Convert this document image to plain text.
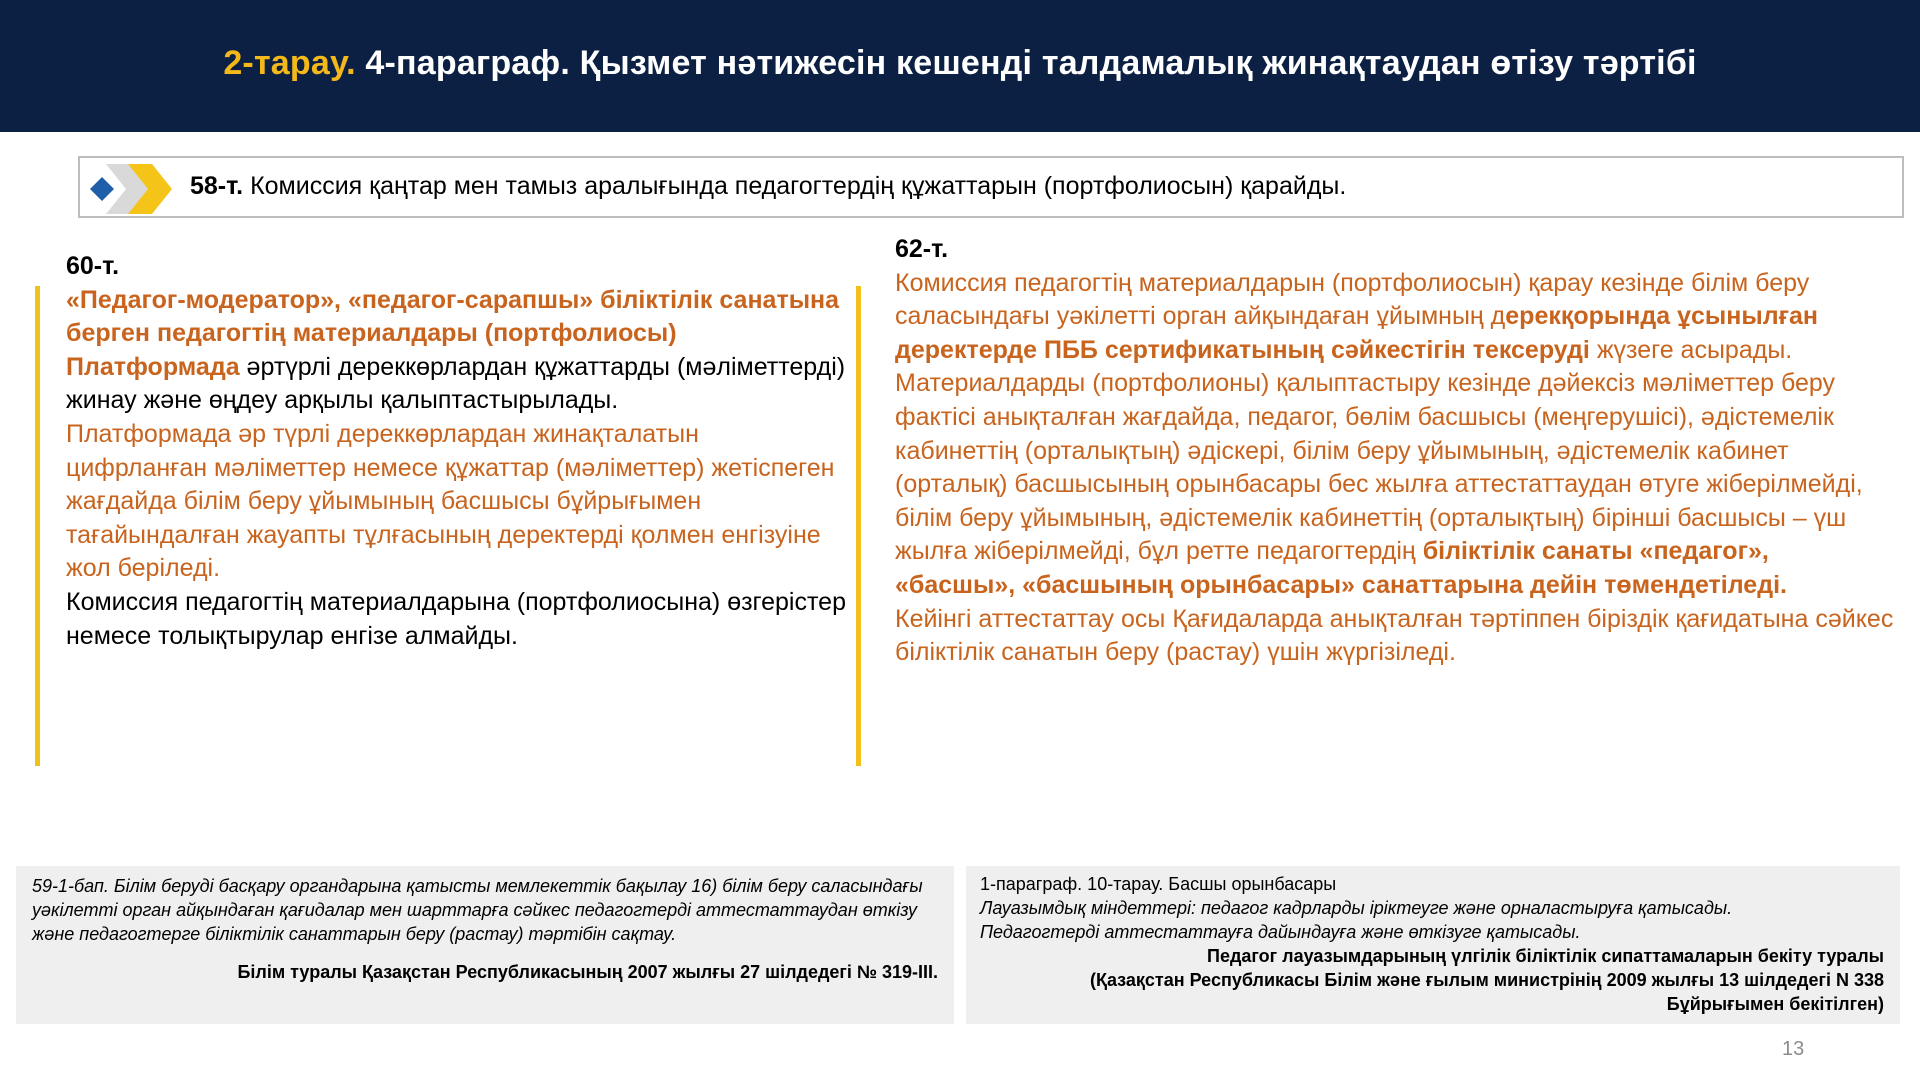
2-тарау. 4-параграф. Қызмет нәтижесін кешенді талдамалық жинақтаудан өтізу тәртібі
58-т. Комиссия қаңтар мен тамыз аралығында педагогтердің құжаттарын (портфолиосын) қарайды.

60-т.

«Педагог-модератор», «педагог-сарапшы» біліктілік санатына берген педагогтің материалдары (портфолиосы) Платформада әртүрлі дереккөрлардан құжаттарды (мәліметтерді) жинау және өңдеу арқылы қалыптастырылады.

Платформада әр түрлі дереккөрлардан жинақталатын цифрланған мәліметтер немесе құжаттар (мәліметтер) жетіспеген жағдайда білім беру ұйымының басшысы бұйрығымен тағайындалған жауапты тұлғасының деректерді қолмен енгізуіне жол беріледі.

Комиссия педагогтің материалдарына (портфолиосына) өзгерістер немесе толықтырулар енгізе алмайды.

62-т.

Комиссия педагогтің материалдарын (портфолиосын) қарау кезінде білім беру саласындағы уәкілетті орган айқындаған ұйымның дерекқорында ұсынылған деректерде ПББ сертификатының сәйкестігін тексеруді жүзеге асырады.

Материалдарды (портфолионы) қалыптастыру кезінде дәйексіз мәліметтер беру фактісі анықталған жағдайда, педагог, бөлім басшысы (меңгерушісі), әдістемелік кабинеттің (орталықтың) әдіскері, білім беру ұйымының, әдістемелік кабинет (орталық) басшысының орынбасары бес жылға аттестаттаудан өтуге жіберілмейді, білім беру ұйымының, әдістемелік кабинеттің (орталықтың) бірінші басшысы – үш жылға жіберілмейді, бұл ретте педагогтердің біліктілік санаты «педагог», «басшы», «басшының орынбасары» санаттарына дейін төмендетіледі.

Кейінгі аттестаттау осы Қағидаларда анықталған тәртіппен біріздік қағидатына сәйкес біліктілік санатын беру (растау) үшін жүргізіледі.

59-1-бап. Білім беруді басқару органдарына қатысты мемлекеттік бақылау 16) білім беру саласындағы уәкілетті орган айқындаған қағидалар мен шарттарға сәйкес педагогтерді аттестаттаудан өткізу және педагогтерге біліктілік санаттарын беру (растау) тәртібін сақтау.
Білім туралы Қазақстан Республикасының 2007 жылғы 27 шілдедегі № 319-ІІІ.
1-параграф. 10-тарау. Басшы орынбасары
Лауазымдық міндеттері: педагог кадрларды іріктеуге және орналастыруға қатысады.
Педагогтерді аттестаттауға дайындауға және өткізуге қатысады.
Педагог лауазымдарының үлгілік біліктілік сипаттамаларын бекіту туралы
(Қазақстан Республикасы Білім және ғылым министрінің 2009 жылғы 13 шілдедегі N 338
Бұйрығымен бекітілген)
13
